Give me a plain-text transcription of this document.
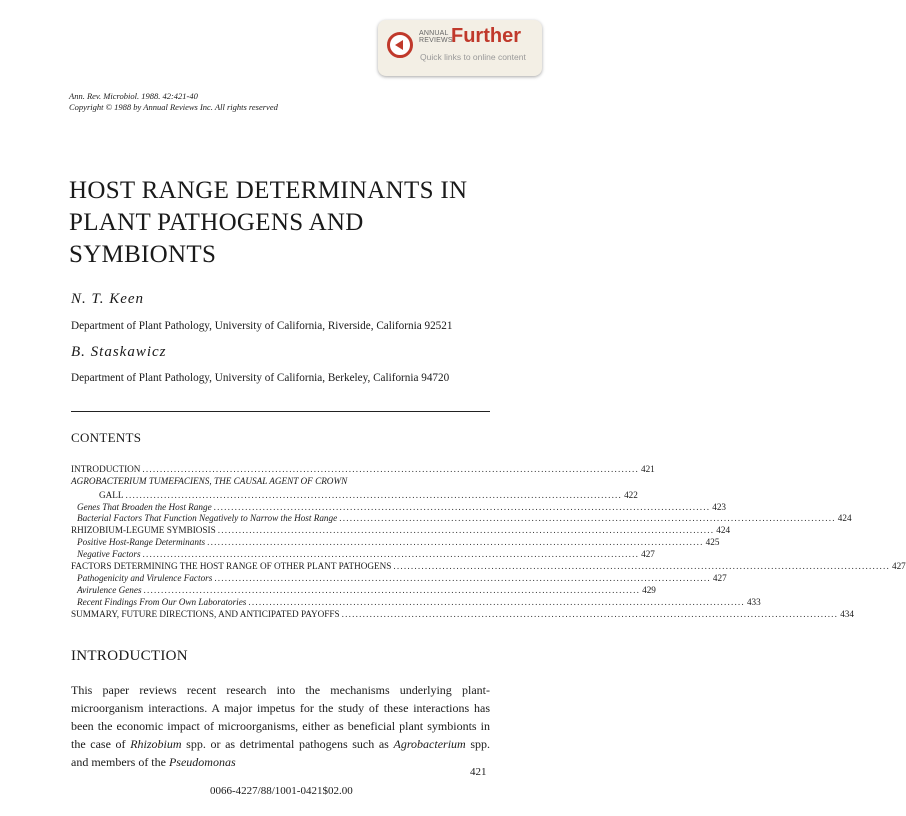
ANNUAL
REVIEWS
Further
Quick links to online content
Ann. Rev. Microbiol. 1988. 42:421-40
Copyright © 1988 by Annual Reviews Inc. All rights reserved
HOST RANGE DETERMINANTS IN
PLANT PATHOGENS AND
SYMBIONTS
N. T. Keen
Department of Plant Pathology, University of California, Riverside, California 92521
B. Staskawicz
Department of Plant Pathology, University of California, Berkeley, California 94720
CONTENTS
INTRODUCTION .............................................................................................................................................. 421
AGROBACTERIUM TUMEFACIENS, THE CAUSAL AGENT OF CROWN
GALL .............................................................................................................................................. 422
Genes That Broaden the Host Range .............................................................................................................................................. 423
Bacterial Factors That Function Negatively to Narrow the Host Range .............................................................................................................................................. 424
RHIZOBIUM-LEGUME SYMBIOSIS .............................................................................................................................................. 424
Positive Host-Range Determinants .............................................................................................................................................. 425
Negative Factors .............................................................................................................................................. 427
FACTORS DETERMINING THE HOST RANGE OF OTHER PLANT PATHOGENS .............................................................................................................................................. 427
Pathogenicity and Virulence Factors .............................................................................................................................................. 427
Avirulence Genes .............................................................................................................................................. 429
Recent Findings From Our Own Laboratories .............................................................................................................................................. 433
SUMMARY, FUTURE DIRECTIONS, AND ANTICIPATED PAYOFFS .............................................................................................................................................. 434
INTRODUCTION

This paper reviews recent research into the mechanisms underlying plant-microorganism interactions. A major impetus for the study of these interactions has been the economic impact of microorganisms, either as beneficial plant symbionts in the case of Rhizobium spp. or as detrimental pathogens such as Agrobacterium spp. and members of the Pseudomonas

421
0066-4227/88/1001-0421$02.00
